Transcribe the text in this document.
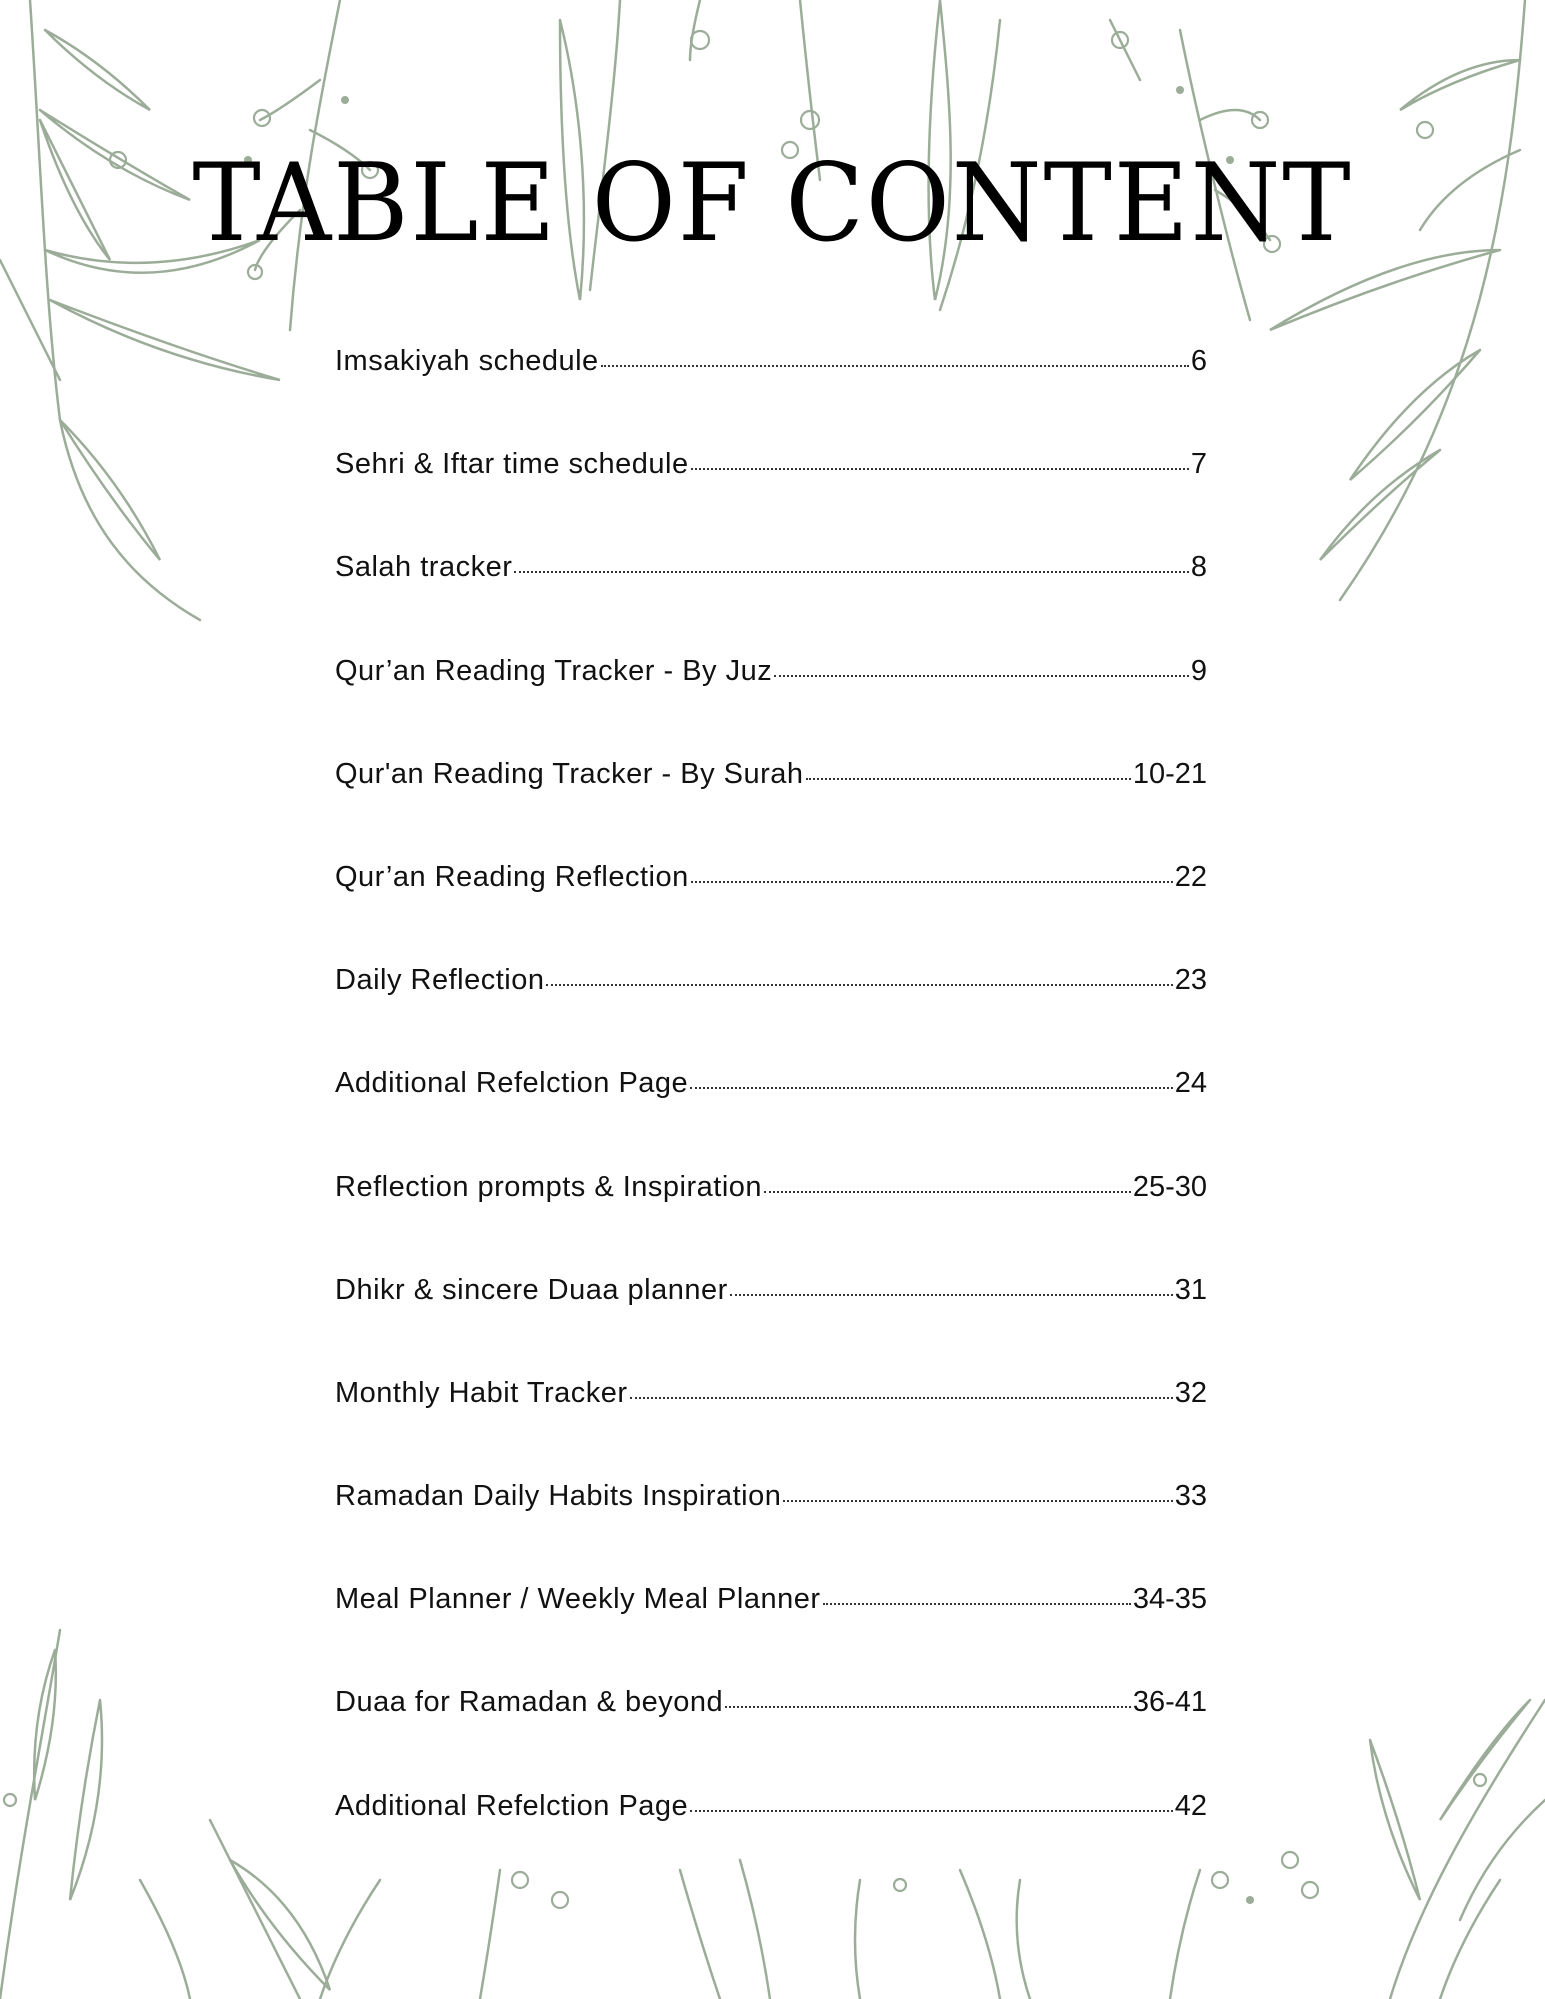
TABLE OF CONTENT
Imsakiyah schedule	6
Sehri & Iftar time schedule	7
Salah tracker	8
Qur’an Reading Tracker - By Juz	9
Qur'an Reading Tracker - By Surah	10-21
Qur’an Reading Reflection	22
Daily Reflection	23
Additional Refelction Page	24
Reflection prompts & Inspiration	25-30
Dhikr & sincere Duaa planner	31
Monthly Habit Tracker	32
Ramadan Daily Habits Inspiration	33
Meal Planner / Weekly Meal Planner	34-35
Duaa for Ramadan & beyond	36-41
Additional Refelction Page	42
